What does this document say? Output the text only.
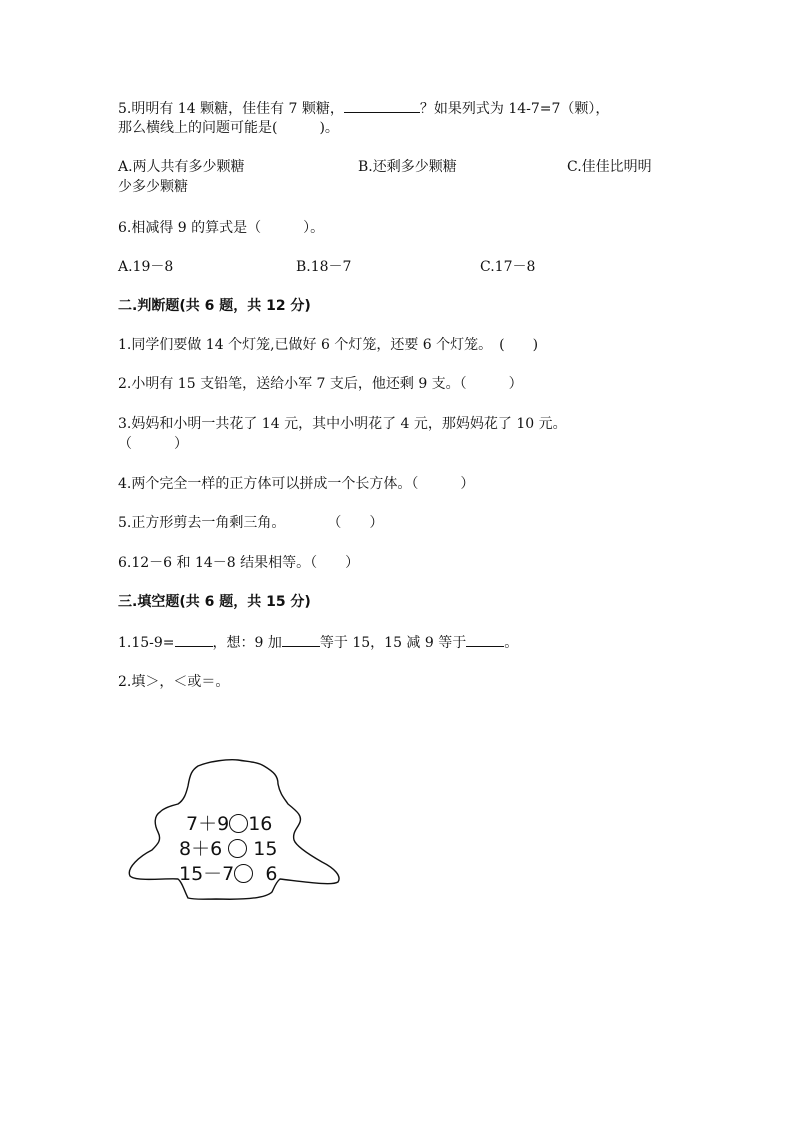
5.明明有 14 颗糖，佳佳有 7 颗糖，	？如果列式为 14-7=7（颗），
那么横线上的问题可能是(　　　)。
A.两人共有多少颗糖	B.还剩多少颗糖	C.佳佳比明明
少多少颗糖
6.相减得 9 的算式是（　　　）。
A.19－8	B.18－7	C.17－8
二.判断题(共 6 题，共 12 分)
1.同学们要做 14 个灯笼,已做好 6 个灯笼，还要 6 个灯笼。　(　　)
2.小明有 15 支铅笔，送给小军 7 支后，他还剩 9 支。（　　　）
3.妈妈和小明一共花了 14 元，其中小明花了 4 元，那妈妈花了 10 元。
（　　　）
4.两个完全一样的正方体可以拼成一个长方体。（　　　）
5.正方形剪去一角剩三角。　　　　（　　）
6.12－6 和 14－8 结果相等。（　　）
三.填空题(共 6 题，共 15 分)
1.15-9=	，想：9 加	等于 15，15 减 9 等于	。
2.填＞，＜或＝。
7＋9 16
8＋6 15
15－7 6
